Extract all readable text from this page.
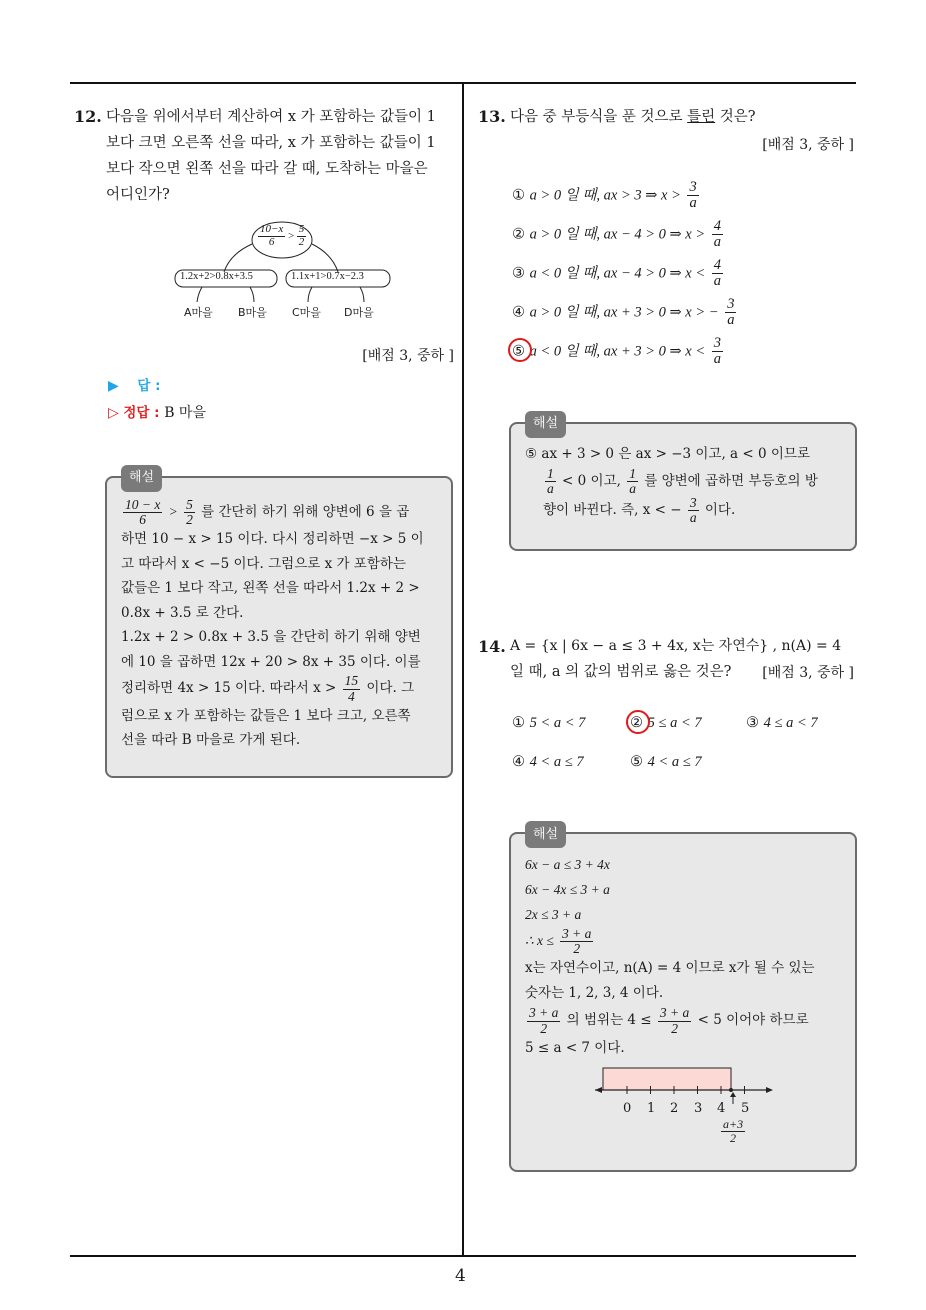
4
12. 다음을 위에서부터 계산하여 x 가 포함하는 값들이 1
보다 크면 오른쪽 선을 따라, x 가 포함하는 값들이 1
보다 작으면 왼쪽 선을 따라 갈 때, 도착하는 마을은
어디인가?
$\frac{10-x}{6} > \frac{5}{2}$
1.2x+2>0.8x+3.5	1.1x+1>0.7x−2.3
A마을 B마을 C마을 D마을
[배점 3, 중하 ]
▶ 답 :
▷ 정답 : B 마을
해설
$\frac{10 - x}{6} > \frac{5}{2}$ 를 간단히 하기 위해 양변에 6 을 곱
하면 10 − x > 15 이다. 다시 정리하면 −x > 5 이
고 따라서 x < −5 이다. 그럼으로 x 가 포함하는
값들은 1 보다 작고, 왼쪽 선을 따라서 1.2x + 2 >
0.8x + 3.5 로 간다.
1.2x + 2 > 0.8x + 3.5 을 간단히 하기 위해 양변
에 10 을 곱하면 12x + 20 > 8x + 35 이다. 이를
정리하면 4x > 15 이다. 따라서 $x > \frac{15}{4}$ 이다. 그
럼으로 x 가 포함하는 값들은 1 보다 크고, 오른쪽
선을 따라 B 마을로 가게 된다.
13. 다음 중 부등식을 푼 것으로 틀린 것은?
[배점 3, 중하 ]
① a > 0 일 때, ax > 3 ⇒ $x > \frac{3}{a}$
② a > 0 일 때, ax − 4 > 0 ⇒ $x > \frac{4}{a}$
③ a < 0 일 때, ax − 4 > 0 ⇒ $x < \frac{4}{a}$
④ a > 0 일 때, ax + 3 > 0 ⇒ x > − $\frac{3}{a}$
⑤ a < 0 일 때, ax + 3 > 0 ⇒ $x < \frac{3}{a}$
해설
⑤ ax + 3 > 0 은 ax > −3 이고, a < 0 이므로
$\frac{1}{a} < 0$ 이고, $\frac{1}{a}$ 를 양변에 곱하면 부등호의 방
향이 바뀐다. 즉, x < − $\frac{3}{a}$ 이다.
14. A = {x | 6x − a ≤ 3 + 4x, x는 자연수} , n(A) = 4
일 때, a 의 값의 범위로 옳은 것은?	[배점 3, 중하 ]
① 5 < a < 7	② 5 ≤ a < 7	③ 4 ≤ a < 7
④ 4 < a ≤ 7	⑤ 4 < a ≤ 7
해설
6x − a ≤ 3 + 4x
6x − 4x ≤ 3 + a
2x ≤ 3 + a
∴ $x \le \frac{3 + a}{2}$
x는 자연수이고, n(A) = 4 이므로 x가 될 수 있는
숫자는 1, 2, 3, 4 이다.
$\frac{3 + a}{2}$ 의 범위는 $4 \le \frac{3 + a}{2} < 5$ 이어야 하므로
5 ≤ a < 7 이다.
0 1 2 3 4 5
$\frac{a+3}{2}$
